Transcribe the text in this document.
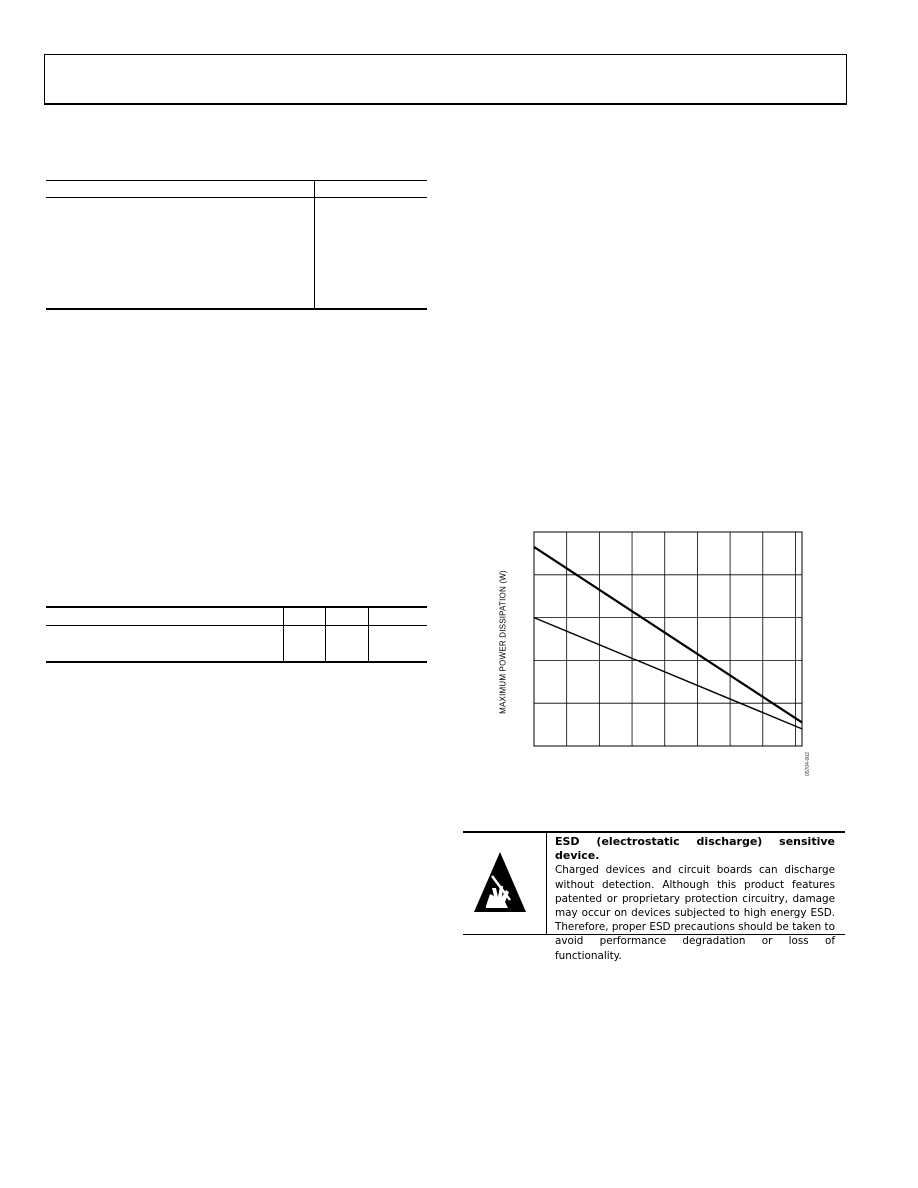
MAXIMUM POWER DISSIPATION (W)
05704-002
ESD (electrostatic discharge) sensitive device.
Charged devices and circuit boards can discharge
without detection. Although this product features
patented or proprietary protection circuitry, damage
may occur on devices subjected to high energy ESD.
Therefore, proper ESD precautions should be taken to
avoid performance degradation or loss of functionality.
